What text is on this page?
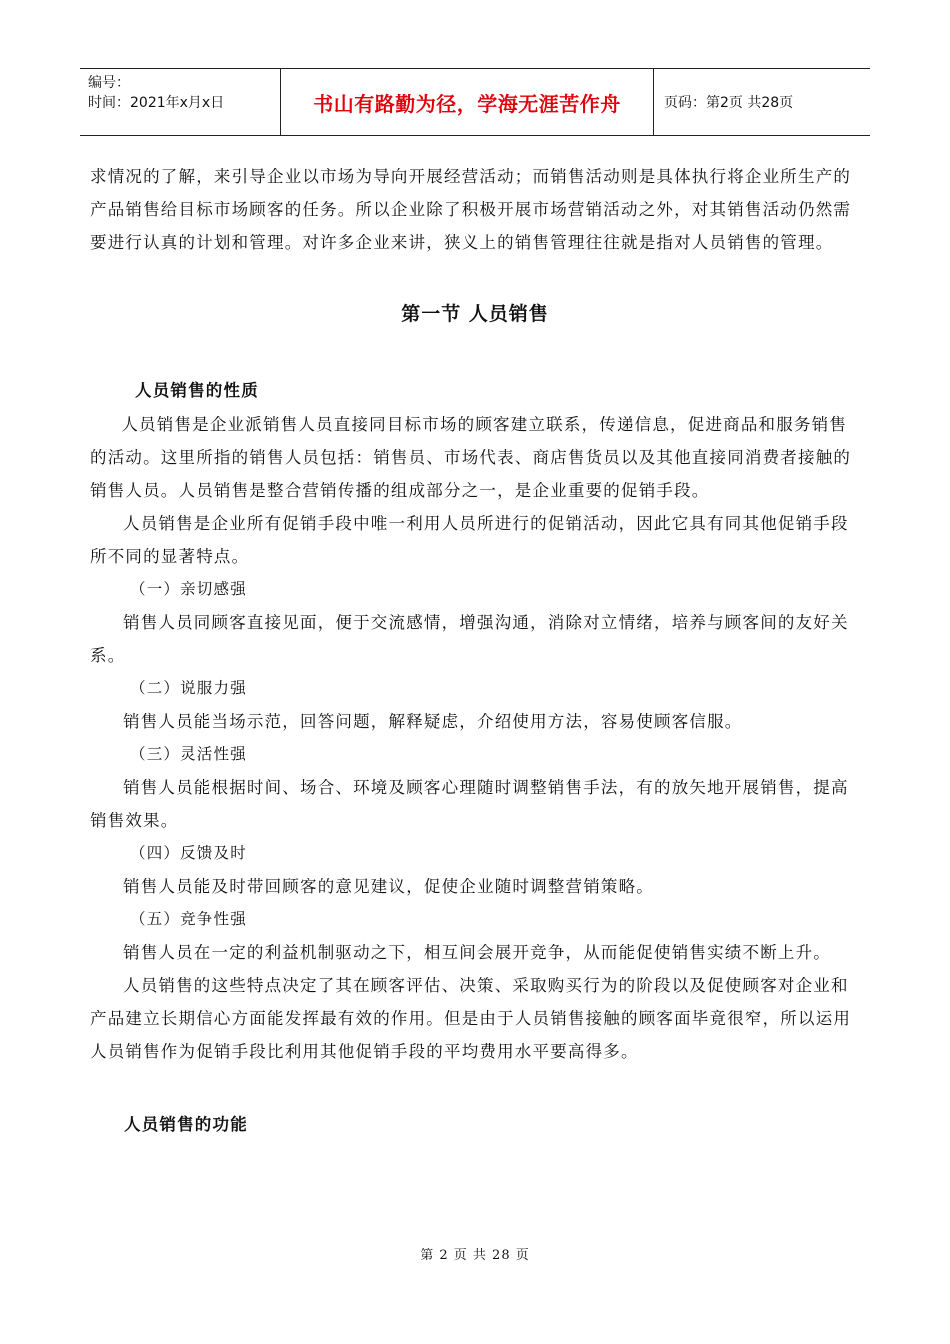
编号：
时间：2021年x月x日	书山有路勤为径，学海无涯苦作舟	页码：第2页 共28页

求情况的了解，来引导企业以市场为导向开展经营活动；而销售活动则是具体执行将企业所生产的产品销售给目标市场顾客的任务。所以企业除了积极开展市场营销活动之外，对其销售活动仍然需要进行认真的计划和管理。对许多企业来讲，狭义上的销售管理往往就是指对人员销售的管理。

第一节 人员销售

人员销售的性质

人员销售是企业派销售人员直接同目标市场的顾客建立联系，传递信息，促进商品和服务销售的活动。这里所指的销售人员包括：销售员、市场代表、商店售货员以及其他直接同消费者接触的销售人员。人员销售是整合营销传播的组成部分之一，是企业重要的促销手段。

人员销售是企业所有促销手段中唯一利用人员所进行的促销活动，因此它具有同其他促销手段所不同的显著特点。

（一）亲切感强

销售人员同顾客直接见面，便于交流感情，增强沟通，消除对立情绪，培养与顾客间的友好关系。

（二）说服力强

销售人员能当场示范，回答问题，解释疑虑，介绍使用方法，容易使顾客信服。

（三）灵活性强

销售人员能根据时间、场合、环境及顾客心理随时调整销售手法，有的放矢地开展销售，提高销售效果。

（四）反馈及时

销售人员能及时带回顾客的意见建议，促使企业随时调整营销策略。

（五）竞争性强

销售人员在一定的利益机制驱动之下，相互间会展开竞争，从而能促使销售实绩不断上升。

人员销售的这些特点决定了其在顾客评估、决策、采取购买行为的阶段以及促使顾客对企业和产品建立长期信心方面能发挥最有效的作用。但是由于人员销售接触的顾客面毕竟很窄，所以运用人员销售作为促销手段比利用其他促销手段的平均费用水平要高得多。

人员销售的功能

第 2 页 共 28 页
